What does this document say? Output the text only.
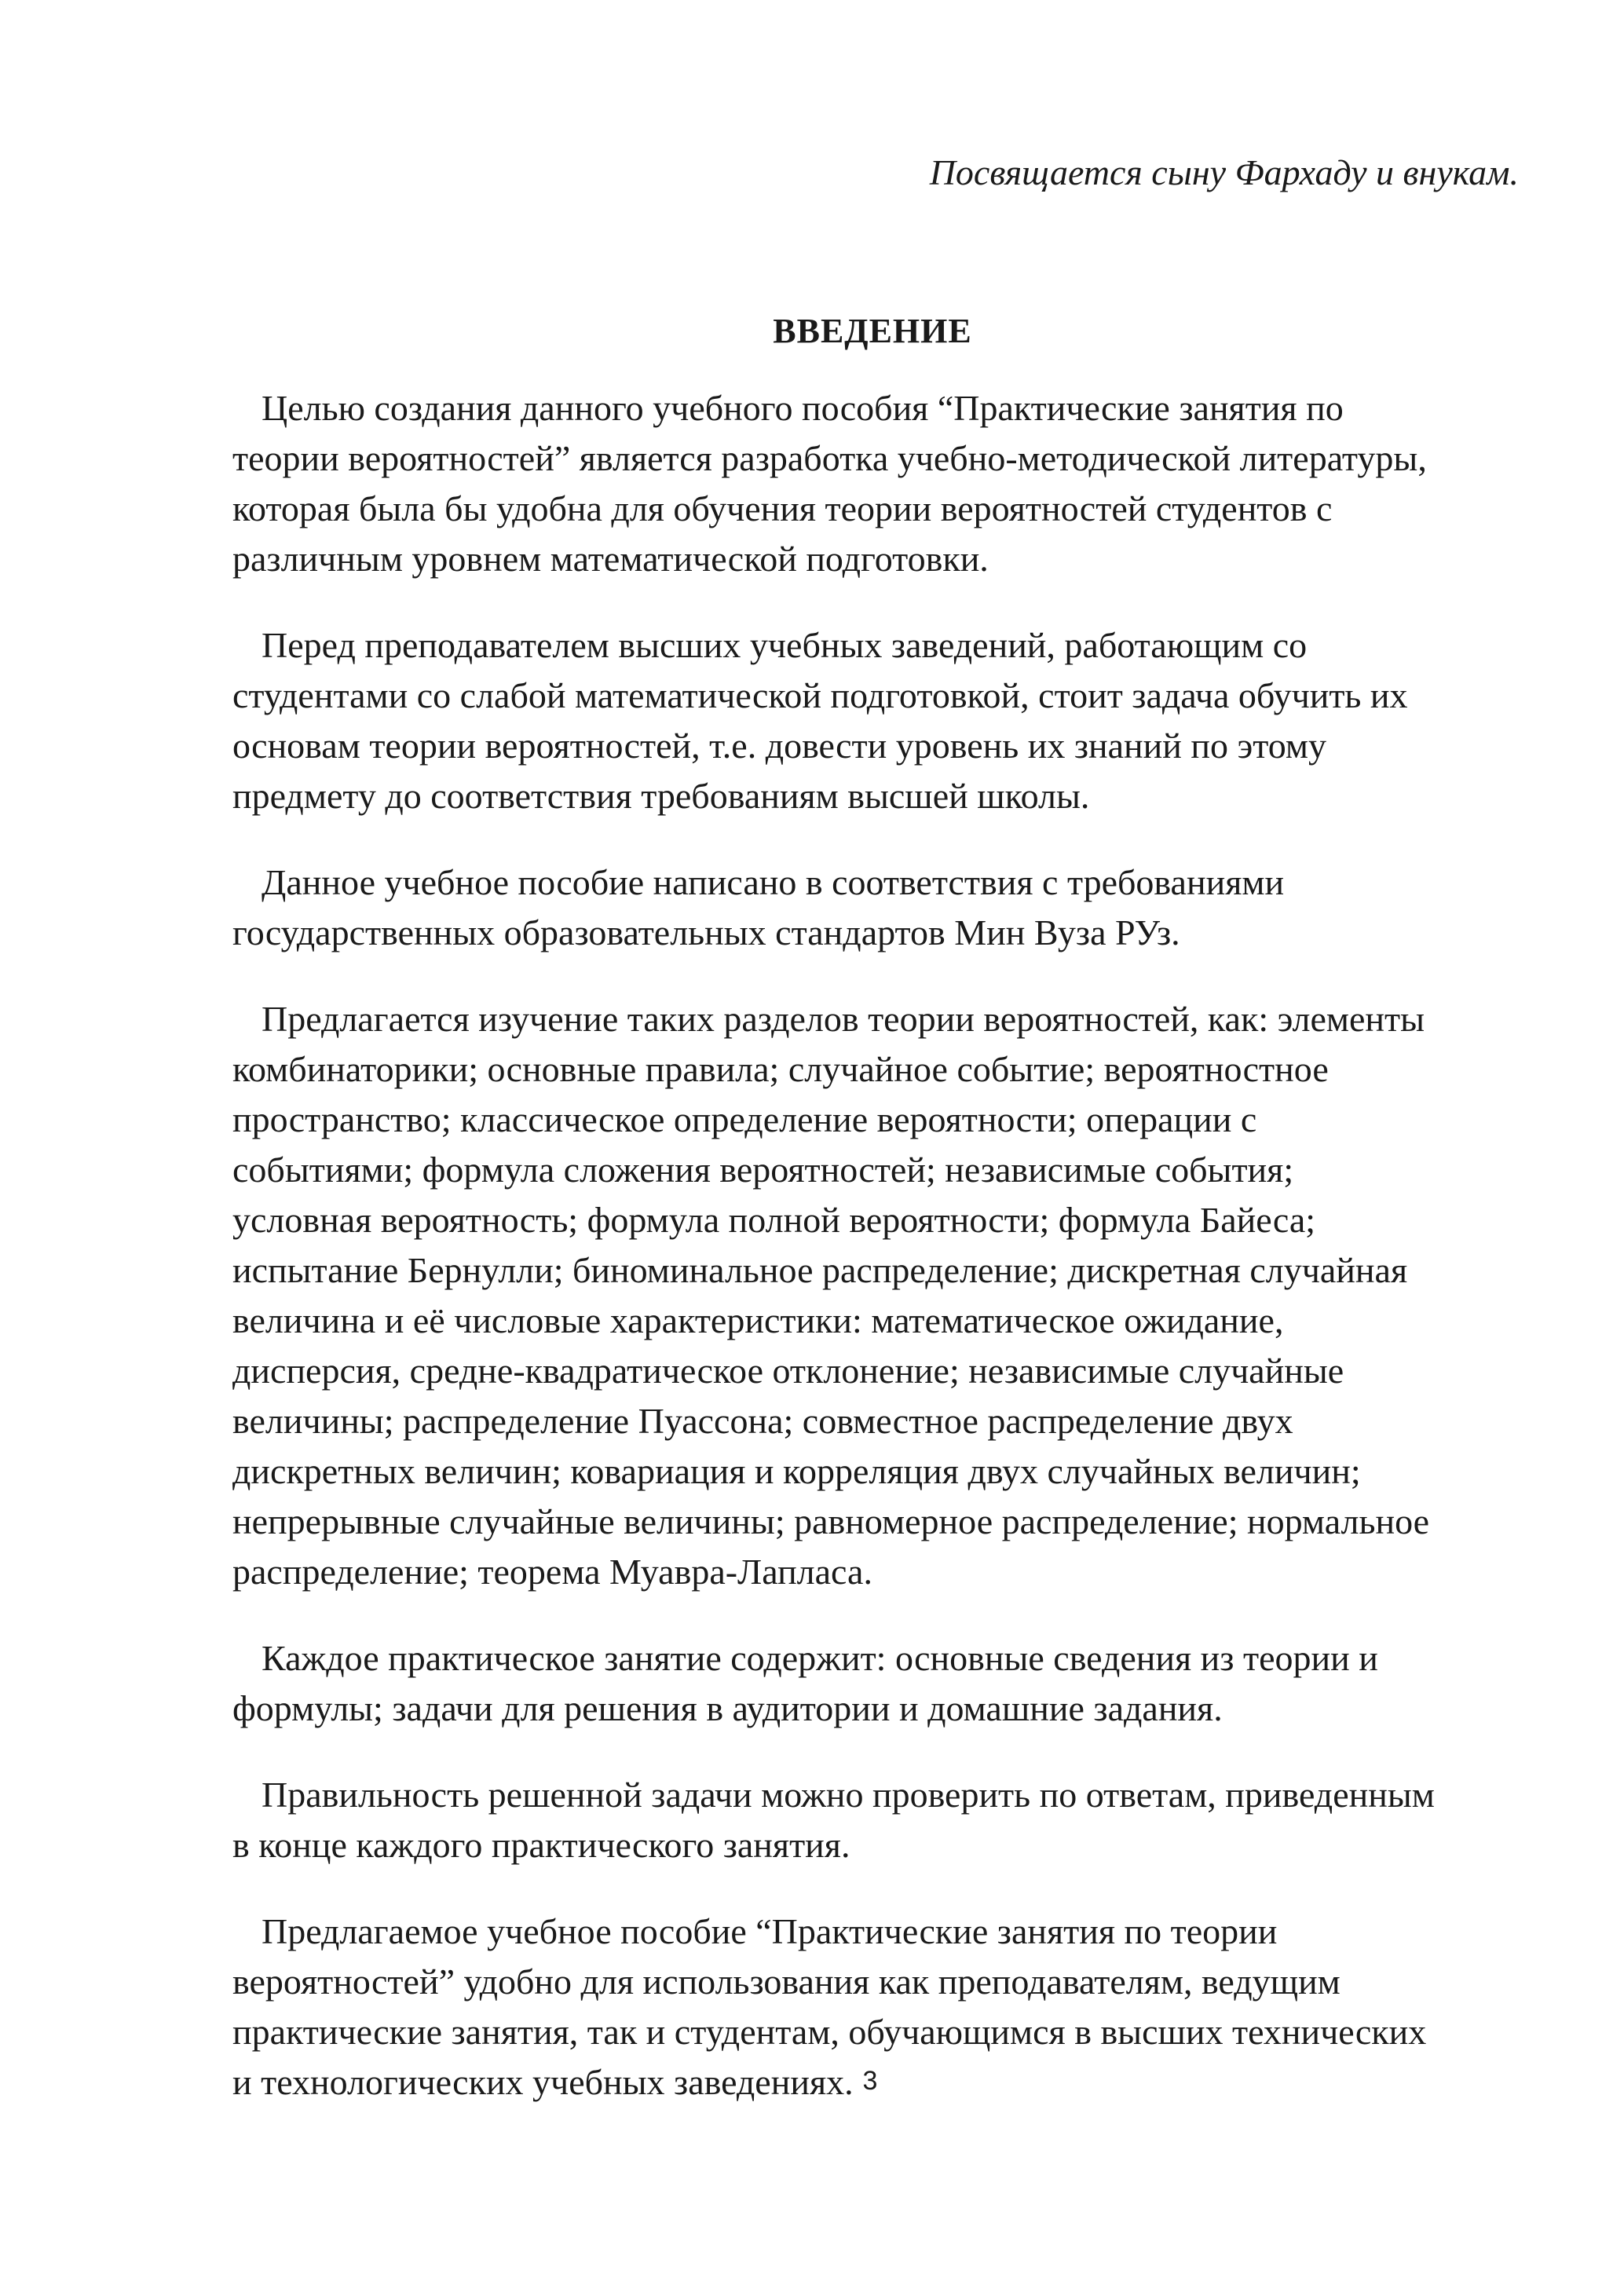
Посвящается сыну Фархаду и внукам.
ВВЕДЕНИЕ

Целью создания данного учебного пособия “Практические занятия по
теории вероятностей” является разработка учебно-методической литературы,
которая была бы удобна для обучения теории вероятностей студентов с
различным уровнем математической подготовки.

Перед преподавателем высших учебных заведений, работающим со
студентами со слабой математической подготовкой, стоит задача обучить их
основам теории вероятностей, т.е. довести уровень их знаний по этому
предмету до соответствия требованиям высшей школы.

Данное учебное пособие написано в соответствия с требованиями
государственных образовательных стандартов Мин Вуза РУз.

Предлагается изучение таких разделов теории вероятностей, как: элементы
комбинаторики; основные правила; случайное событие; вероятностное
пространство; классическое определение вероятности; операции с
событиями; формула сложения вероятностей; независимые события;
условная вероятность; формула полной вероятности; формула Байеса;
испытание Бернулли; биноминальное распределение; дискретная случайная
величина и её числовые характеристики: математическое ожидание,
дисперсия, средне-квадратическое отклонение; независимые случайные
величины; распределение Пуассона; совместное распределение двух
дискретных величин; ковариация и корреляция двух случайных величин;
непрерывные случайные величины; равномерное распределение; нормальное
распределение; теорема Муавра-Лапласа.

Каждое практическое занятие содержит: основные сведения из теории и
формулы; задачи для решения в аудитории и домашние задания.

Правильность решенной задачи можно проверить по ответам, приведенным
в конце каждого практического занятия.

Предлагаемое учебное пособие “Практические занятия по теории
вероятностей” удобно для использования как преподавателям, ведущим
практические занятия, так и студентам, обучающимся в высших технических
и технологических учебных заведениях. 3
